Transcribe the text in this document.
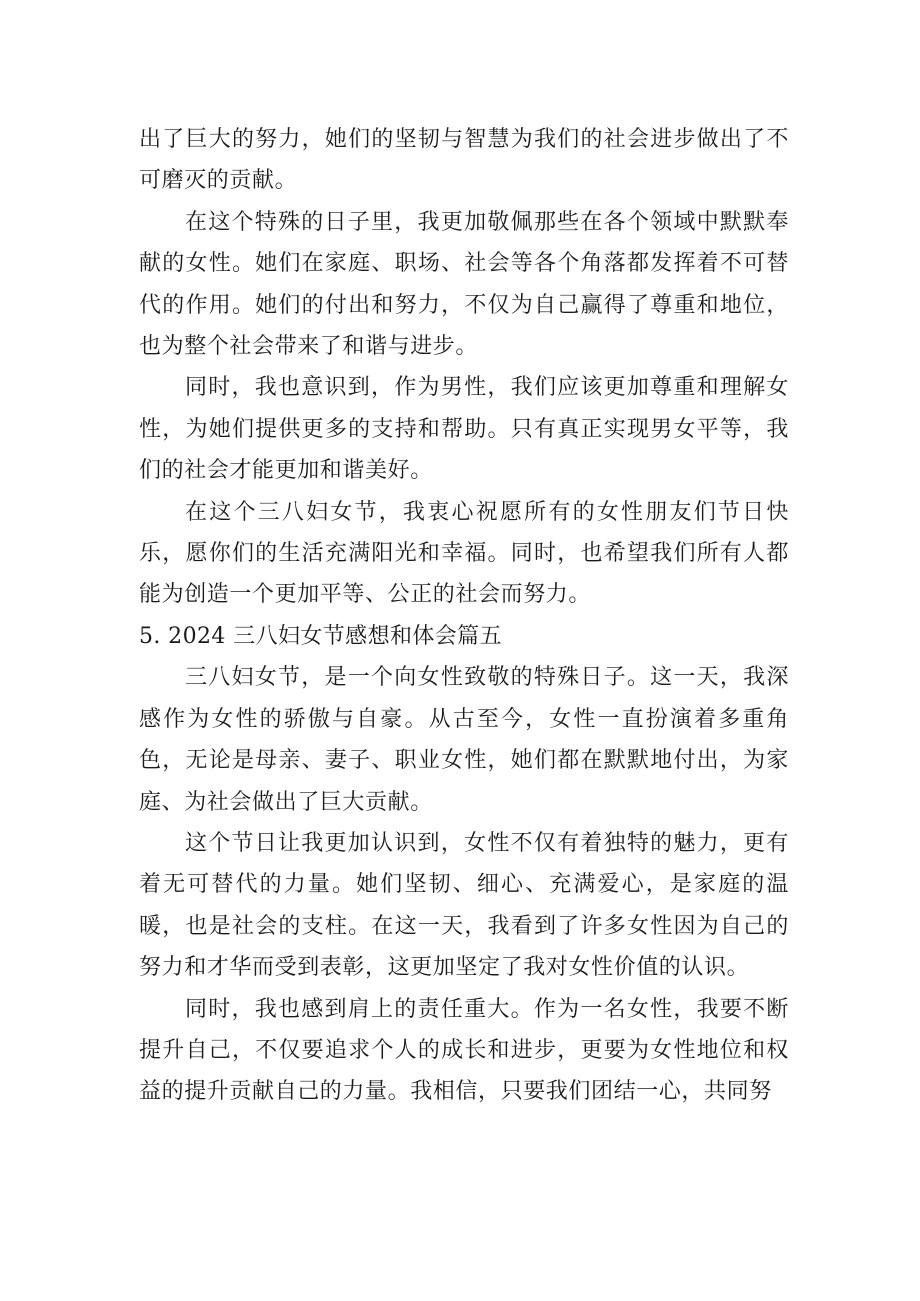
出了巨大的努力，她们的坚韧与智慧为我们的社会进步做出了不可磨灭的贡献。

在这个特殊的日子里，我更加敬佩那些在各个领域中默默奉献的女性。她们在家庭、职场、社会等各个角落都发挥着不可替代的作用。她们的付出和努力，不仅为自己赢得了尊重和地位，也为整个社会带来了和谐与进步。

同时，我也意识到，作为男性，我们应该更加尊重和理解女性，为她们提供更多的支持和帮助。只有真正实现男女平等，我们的社会才能更加和谐美好。

在这个三八妇女节，我衷心祝愿所有的女性朋友们节日快乐，愿你们的生活充满阳光和幸福。同时，也希望我们所有人都能为创造一个更加平等、公正的社会而努力。

5. 2024 三八妇女节感想和体会篇五

三八妇女节，是一个向女性致敬的特殊日子。这一天，我深感作为女性的骄傲与自豪。从古至今，女性一直扮演着多重角色，无论是母亲、妻子、职业女性，她们都在默默地付出，为家庭、为社会做出了巨大贡献。

这个节日让我更加认识到，女性不仅有着独特的魅力，更有着无可替代的力量。她们坚韧、细心、充满爱心，是家庭的温暖，也是社会的支柱。在这一天，我看到了许多女性因为自己的努力和才华而受到表彰，这更加坚定了我对女性价值的认识。

同时，我也感到肩上的责任重大。作为一名女性，我要不断提升自己，不仅要追求个人的成长和进步，更要为女性地位和权益的提升贡献自己的力量。我相信，只要我们团结一心，共同努
